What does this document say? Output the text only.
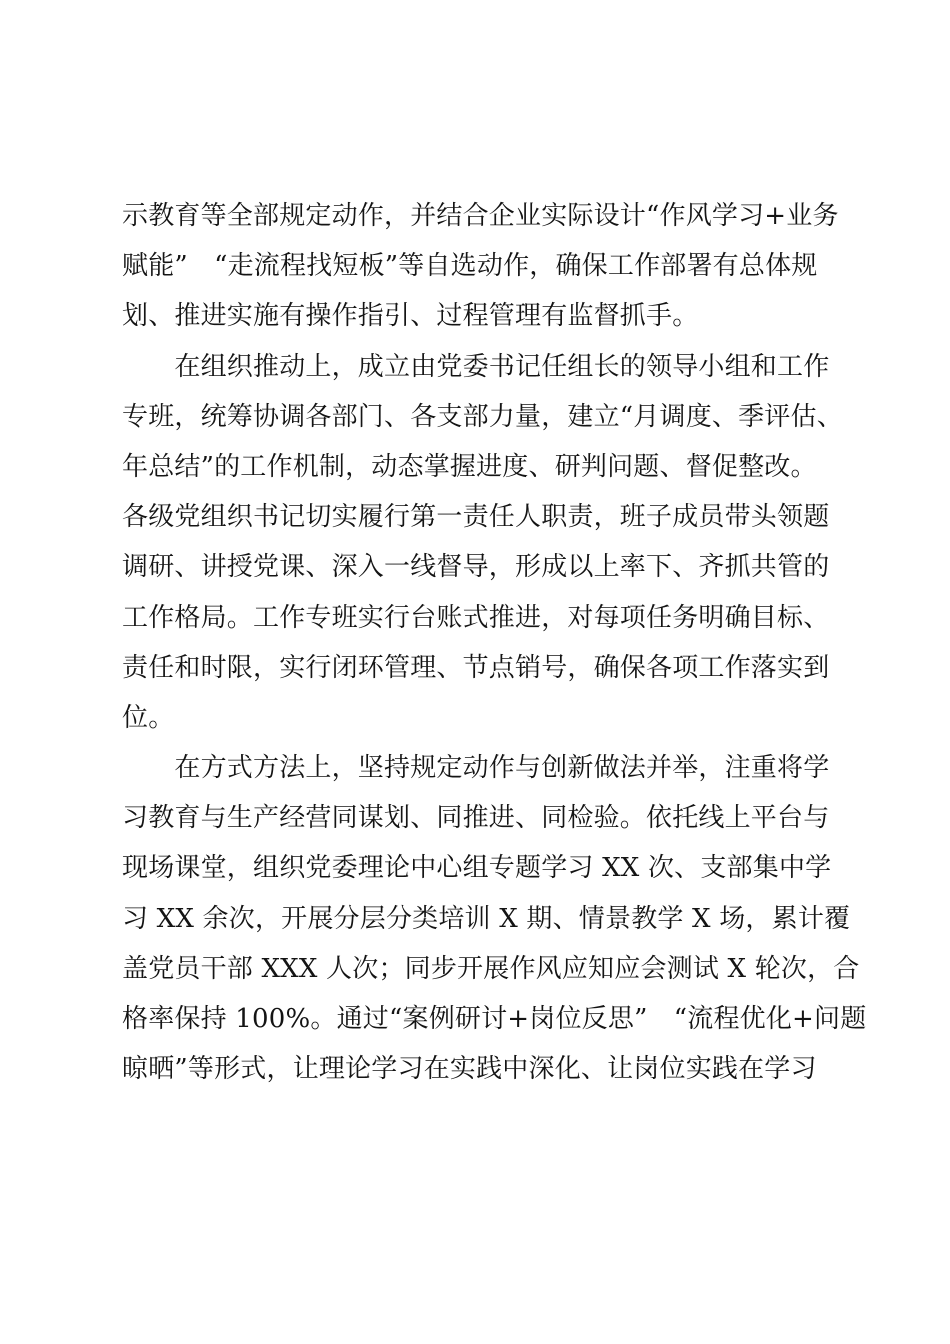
示教育等全部规定动作，并结合企业实际设计“作风学习+业务
赋能”　“走流程找短板”等自选动作，确保工作部署有总体规
划、推进实施有操作指引、过程管理有监督抓手。
　　在组织推动上，成立由党委书记任组长的领导小组和工作
专班，统筹协调各部门、各支部力量，建立“月调度、季评估、
年总结”的工作机制，动态掌握进度、研判问题、督促整改。
各级党组织书记切实履行第一责任人职责，班子成员带头领题
调研、讲授党课、深入一线督导，形成以上率下、齐抓共管的
工作格局。工作专班实行台账式推进，对每项任务明确目标、
责任和时限，实行闭环管理、节点销号，确保各项工作落实到
位。
　　在方式方法上，坚持规定动作与创新做法并举，注重将学
习教育与生产经营同谋划、同推进、同检验。依托线上平台与
现场课堂，组织党委理论中心组专题学习 XX 次、支部集中学
习 XX 余次，开展分层分类培训 X 期、情景教学 X 场，累计覆
盖党员干部 XXX 人次；同步开展作风应知应会测试 X 轮次，合
格率保持 100%。通过“案例研讨+岗位反思”　“流程优化+问题
晾晒”等形式，让理论学习在实践中深化、让岗位实践在学习
